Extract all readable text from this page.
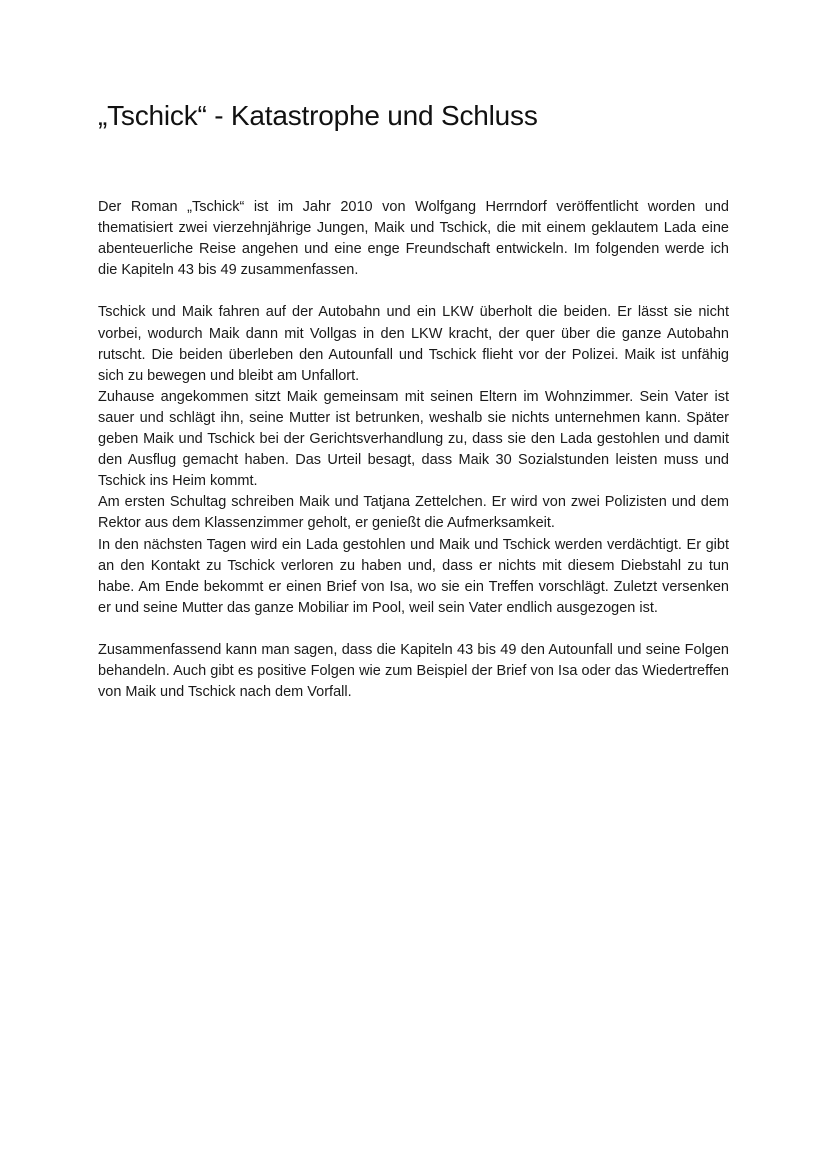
„Tschick“ - Katastrophe und Schluss

Der Roman „Tschick“ ist im Jahr 2010 von Wolfgang Herrndorf veröffentlicht worden und thematisiert zwei vierzehnjährige Jungen, Maik und Tschick, die mit einem geklautem Lada eine abenteuerliche Reise angehen und eine enge Freundschaft entwickeln. Im folgenden werde ich die Kapiteln 43 bis 49 zusammenfassen.

Tschick und Maik fahren auf der Autobahn und ein LKW überholt die beiden. Er lässt sie nicht vorbei, wodurch Maik dann mit Vollgas in den LKW kracht, der quer über die ganze Autobahn rutscht. Die beiden überleben den Autounfall und Tschick flieht vor der Polizei. Maik ist unfähig sich zu bewegen und bleibt am Unfallort.

Zuhause angekommen sitzt Maik gemeinsam mit seinen Eltern im Wohnzimmer. Sein Vater ist sauer und schlägt ihn, seine Mutter ist betrunken, weshalb sie nichts unternehmen kann. Später geben Maik und Tschick bei der Gerichtsverhandlung zu, dass sie den Lada gestohlen und damit den Ausflug gemacht haben. Das Urteil besagt, dass Maik 30 Sozialstunden leisten muss und Tschick ins Heim kommt.

Am ersten Schultag schreiben Maik und Tatjana Zettelchen. Er wird von zwei Polizisten und dem Rektor aus dem Klassenzimmer geholt, er genießt die Aufmerksamkeit.

In den nächsten Tagen wird ein Lada gestohlen und Maik und Tschick werden verdächtigt. Er gibt an den Kontakt zu Tschick verloren zu haben und, dass er nichts mit diesem Diebstahl zu tun habe. Am Ende bekommt er einen Brief von Isa, wo sie ein Treffen vorschlägt. Zuletzt versenken er und seine Mutter das ganze Mobiliar im Pool, weil sein Vater endlich ausgezogen ist.

Zusammenfassend kann man sagen, dass die Kapiteln 43 bis 49 den Autounfall und seine Folgen behandeln. Auch gibt es positive Folgen wie zum Beispiel der Brief von Isa oder das Wiedertreffen von Maik und Tschick nach dem Vorfall.
